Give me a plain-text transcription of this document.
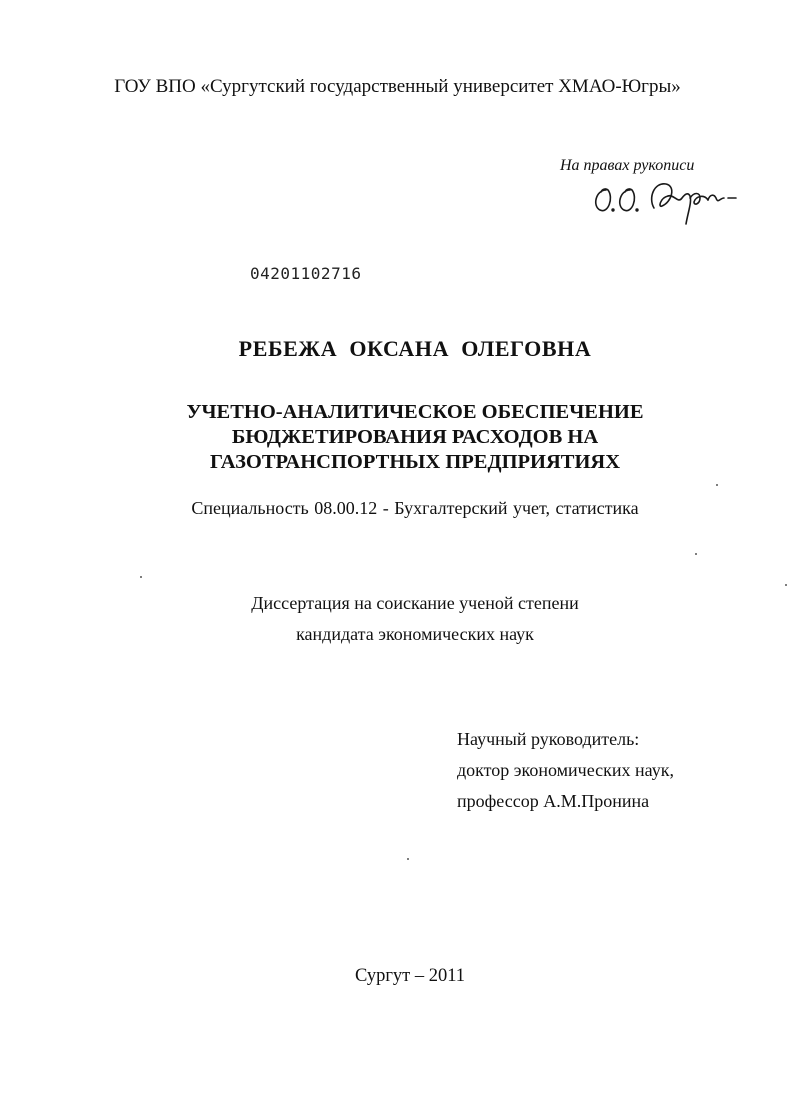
ГОУ ВПО «Сургутский государственный университет ХМАО-Югры»
На правах рукописи
04201102716
РЕБЕЖА ОКСАНА ОЛЕГОВНА
УЧЕТНО-АНАЛИТИЧЕСКОЕ ОБЕСПЕЧЕНИЕ
БЮДЖЕТИРОВАНИЯ РАСХОДОВ НА
ГАЗОТРАНСПОРТНЫХ ПРЕДПРИЯТИЯХ
Специальность 08.00.12 - Бухгалтерский учет, статистика
Диссертация на соискание ученой степени
кандидата экономических наук
Научный руководитель:
доктор экономических наук,
профессор А.М.Пронина
Сургут – 2011
